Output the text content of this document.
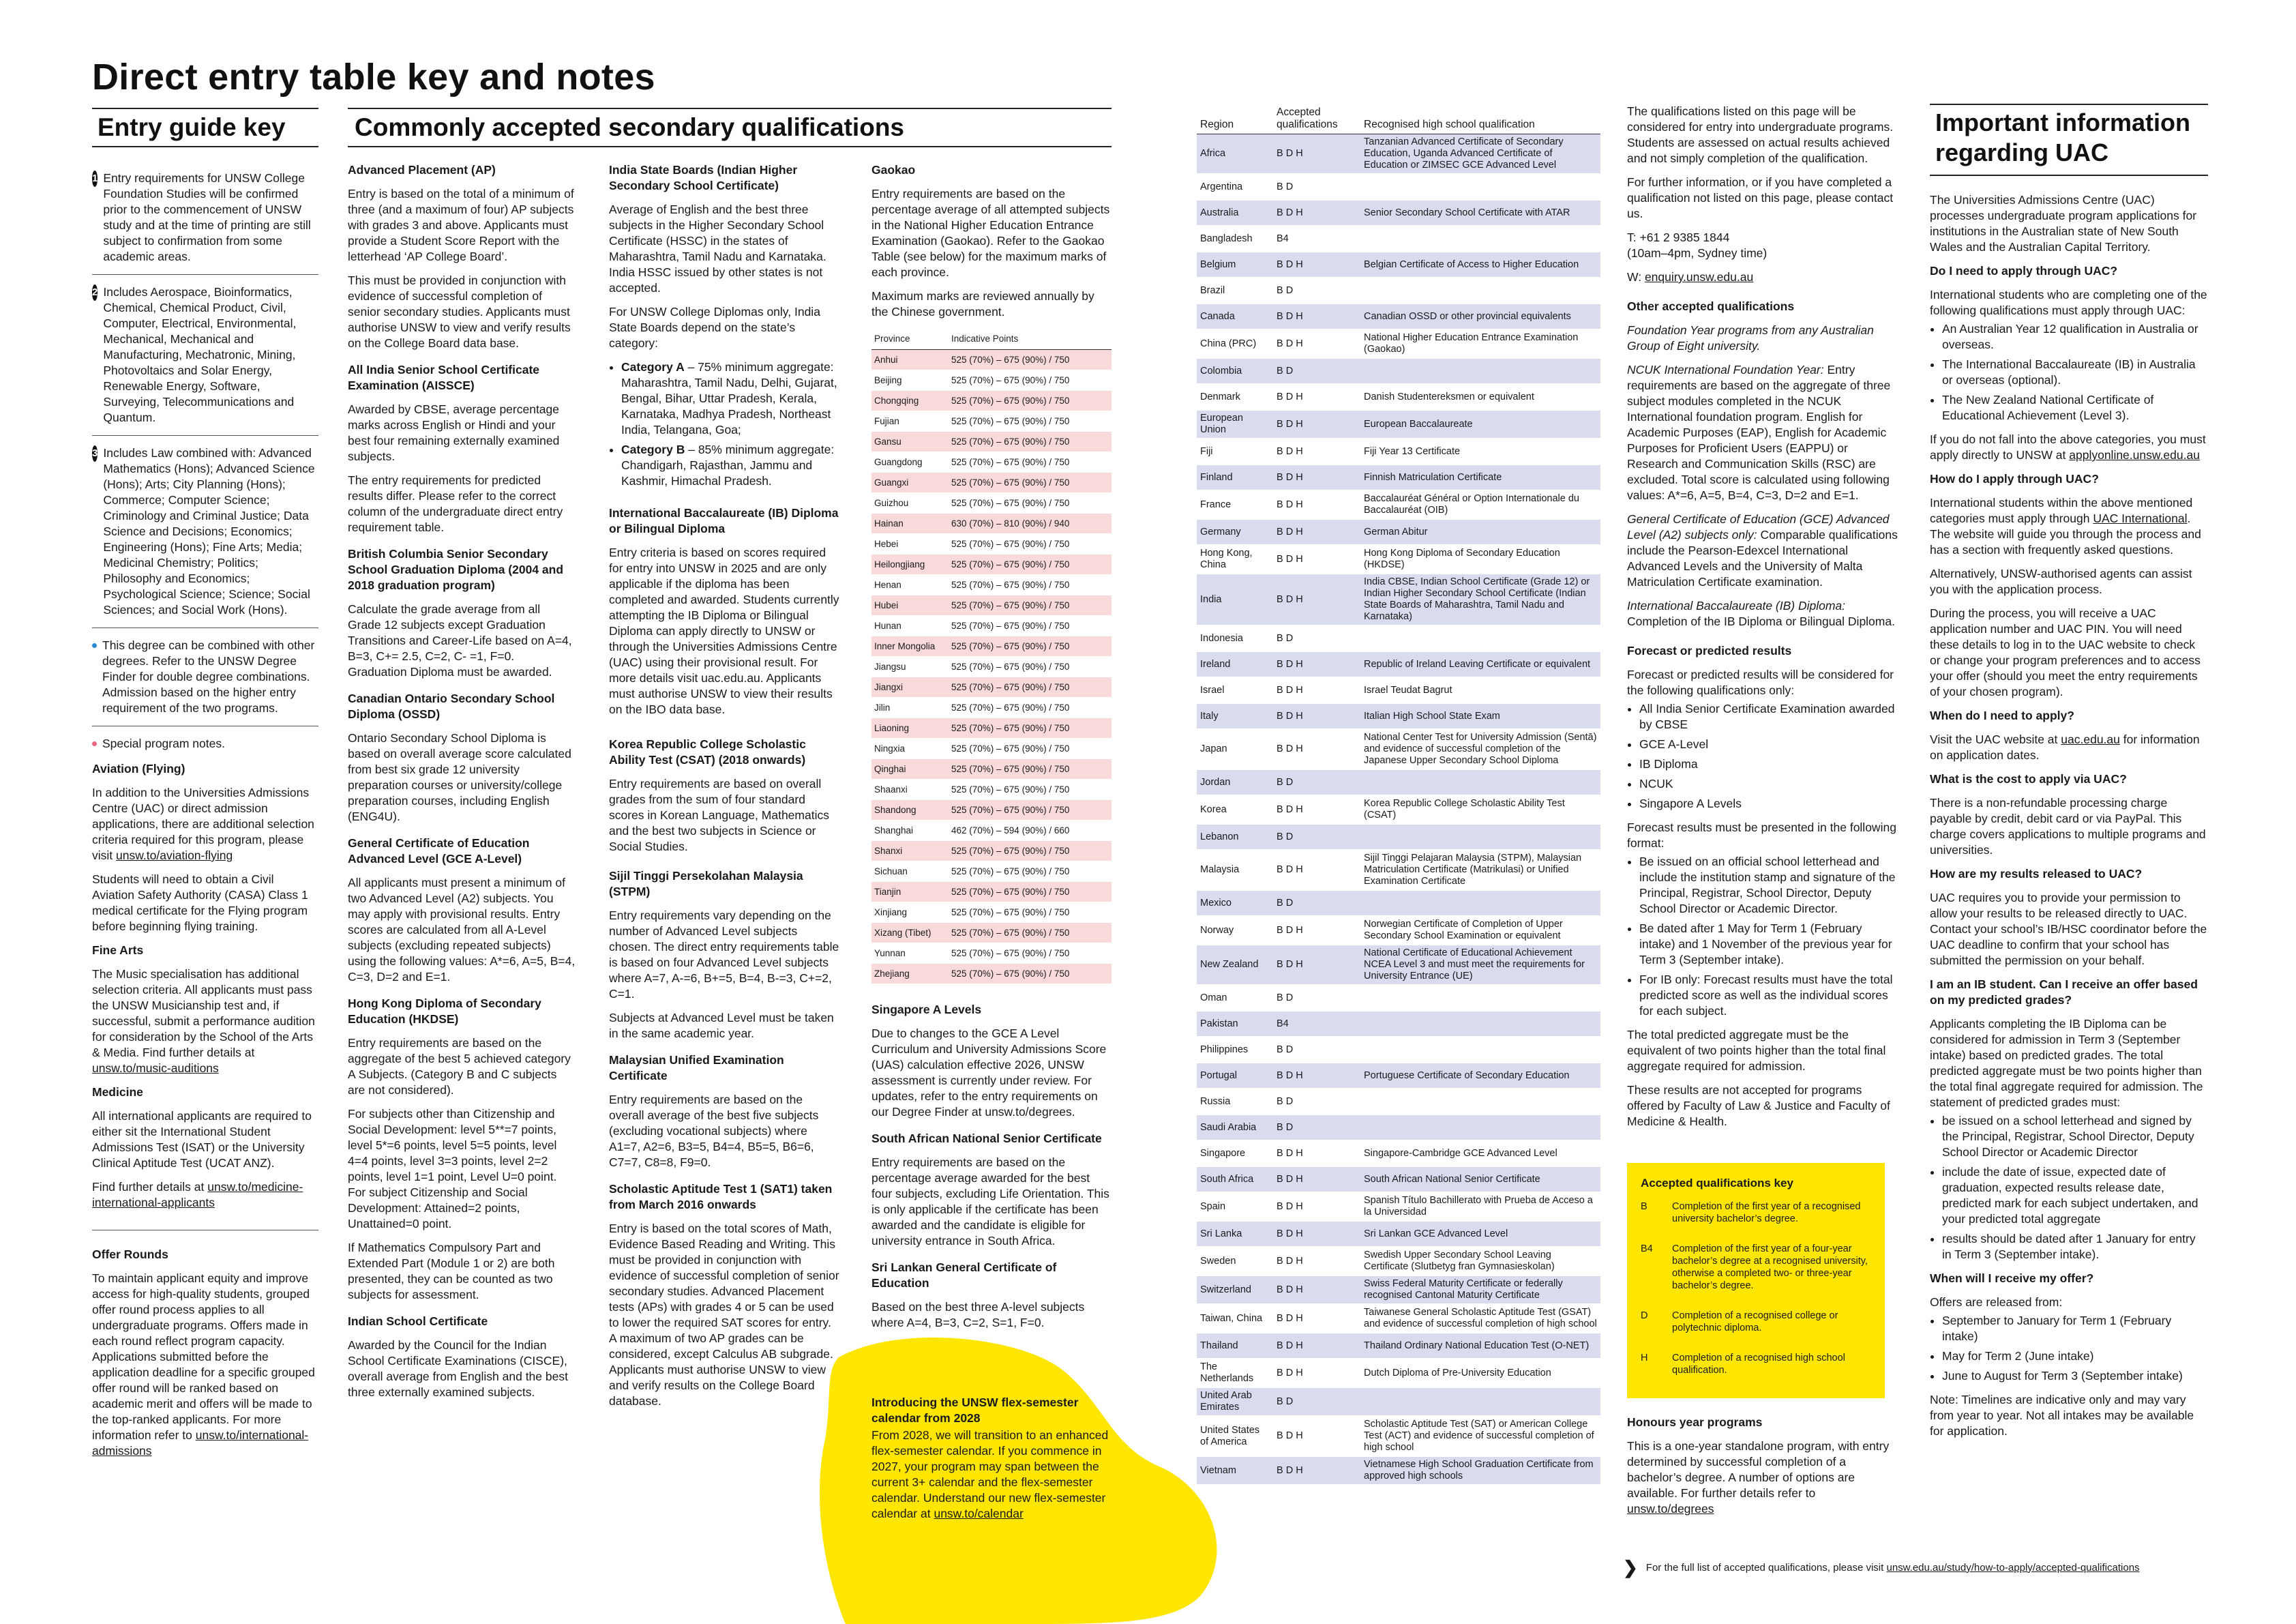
Direct entry table key and notes
Entry guide key
1 Entry requirements for UNSW College Foundation Studies will be confirmed prior to the commencement of UNSW study and at the time of printing are still subject to confirmation from some academic areas.
2 Includes Aerospace, Bioinformatics, Chemical, Chemical Product, Civil, Computer, Electrical, Environmental, Mechanical, Mechanical and Manufacturing, Mechatronic, Mining, Photovoltaics and Solar Energy, Renewable Energy, Software, Surveying, Telecommunications and Quantum.
3 Includes Law combined with: Advanced Mathematics (Hons); Advanced Science (Hons); Arts; City Planning (Hons); Commerce; Computer Science; Criminology and Criminal Justice; Data Science and Decisions; Economics; Engineering (Hons); Fine Arts; Media; Medicinal Chemistry; Politics; Philosophy and Economics; Psychological Science; Science; Social Sciences; and Social Work (Hons).
This degree can be combined with other degrees. Refer to the UNSW Degree Finder for double degree combinations. Admission based on the higher entry requirement of the two programs.
Special program notes.

Aviation (Flying)

In addition to the Universities Admissions Centre (UAC) or direct admission applications, there are additional selection criteria required for this program, please visit unsw.to/aviation-flying

Students will need to obtain a Civil Aviation Safety Authority (CASA) Class 1 medical certificate for the Flying program before beginning flying training.

Fine Arts

The Music specialisation has additional selection criteria. All applicants must pass the UNSW Musicianship test and, if successful, submit a performance audition for consideration by the School of the Arts & Media. Find further details at unsw.to/music-auditions

Medicine

All international applicants are required to either sit the International Student Admissions Test (ISAT) or the University Clinical Aptitude Test (UCAT ANZ).

Find further details at unsw.to/medicine-international-applicants

Offer Rounds

To maintain applicant equity and improve access for high-quality students, grouped offer round process applies to all undergraduate programs. Offers made in each round reflect program capacity. Applications submitted before the application deadline for a specific grouped offer round will be ranked based on academic merit and offers will be made to the top-ranked applicants. For more information refer to unsw.to/international-admissions

Commonly accepted secondary qualifications

Advanced Placement (AP)

Entry is based on the total of a minimum of three (and a maximum of four) AP subjects with grades 3 and above. Applicants must provide a Student Score Report with the letterhead ‘AP College Board’.

This must be provided in conjunction with evidence of successful completion of senior secondary studies. Applicants must authorise UNSW to view and verify results on the College Board data base.

All India Senior School Certificate Examination (AISSCE)

Awarded by CBSE, average percentage marks across English or Hindi and your best four remaining externally examined subjects.

The entry requirements for predicted results differ. Please refer to the correct column of the undergraduate direct entry requirement table.

British Columbia Senior Secondary School Graduation Diploma (2004 and 2018 graduation program)

Calculate the grade average from all Grade 12 subjects except Graduation Transitions and Career-Life based on A=4, B=3, C+= 2.5, C=2, C- =1, F=0. Graduation Diploma must be awarded.

Canadian Ontario Secondary School Diploma (OSSD)

Ontario Secondary School Diploma is based on overall average score calculated from best six grade 12 university preparation courses or university/college preparation courses, including English (ENG4U).

General Certificate of Education Advanced Level (GCE A-Level)

All applicants must present a minimum of two Advanced Level (A2) subjects. You may apply with provisional results. Entry scores are calculated from all A-Level subjects (excluding repeated subjects) using the following values: A*=6, A=5, B=4, C=3, D=2 and E=1.

Hong Kong Diploma of Secondary Education (HKDSE)

Entry requirements are based on the aggregate of the best 5 achieved category A Subjects. (Category B and C subjects are not considered).

For subjects other than Citizenship and Social Development: level 5**=7 points, level 5*=6 points, level 5=5 points, level 4=4 points, level 3=3 points, level 2=2 points, level 1=1 point, Level U=0 point. For subject Citizenship and Social Development: Attained=2 points, Unattained=0 point.

If Mathematics Compulsory Part and Extended Part (Module 1 or 2) are both presented, they can be counted as two subjects for assessment.

Indian School Certificate

Awarded by the Council for the Indian School Certificate Examinations (CISCE), overall average from English and the best three externally examined subjects.

India State Boards (Indian Higher Secondary School Certificate)

Average of English and the best three subjects in the Higher Secondary School Certificate (HSSC) in the states of Maharashtra, Tamil Nadu and Karnataka. India HSSC issued by other states is not accepted.

For UNSW College Diplomas only, India State Boards depend on the state’s category:

• Category A – 75% minimum aggregate: Maharashtra, Tamil Nadu, Delhi, Gujarat, Bengal, Bihar, Uttar Pradesh, Kerala, Karnataka, Madhya Pradesh, Northeast India, Telangana, Goa;
• Category B – 85% minimum aggregate: Chandigarh, Rajasthan, Jammu and Kashmir, Himachal Pradesh.

International Baccalaureate (IB) Diploma or Bilingual Diploma

Entry criteria is based on scores required for entry into UNSW in 2025 and are only applicable if the diploma has been completed and awarded. Students currently attempting the IB Diploma or Bilingual Diploma can apply directly to UNSW or through the Universities Admissions Centre (UAC) using their provisional result. For more details visit uac.edu.au. Applicants must authorise UNSW to view their results on the IBO data base.

Korea Republic College Scholastic Ability Test (CSAT) (2018 onwards)

Entry requirements are based on overall grades from the sum of four standard scores in Korean Language, Mathematics and the best two subjects in Science or Social Studies.

Sijil Tinggi Persekolahan Malaysia (STPM)

Entry requirements vary depending on the number of Advanced Level subjects chosen. The direct entry requirements table is based on four Advanced Level subjects where A=7, A-=6, B+=5, B=4, B-=3, C+=2, C=1.

Subjects at Advanced Level must be taken in the same academic year.

Malaysian Unified Examination Certificate

Entry requirements are based on the overall average of the best five subjects (excluding vocational subjects) where A1=7, A2=6, B3=5, B4=4, B5=5, B6=6, C7=7, C8=8, F9=0.

Scholastic Aptitude Test 1 (SAT1) taken from March 2016 onwards

Entry is based on the total scores of Math, Evidence Based Reading and Writing. This must be provided in conjunction with evidence of successful completion of senior secondary studies. Advanced Placement tests (APs) with grades 4 or 5 can be used to lower the required SAT scores for entry. A maximum of two AP grades can be considered, except Calculus AB subgrade. Applicants must authorise UNSW to view and verify results on the College Board database.

Gaokao

Entry requirements are based on the percentage average of all attempted subjects in the National Higher Education Entrance Examination (Gaokao). Refer to the Gaokao Table (see below) for the maximum marks of each province.

Maximum marks are reviewed annually by the Chinese government.

Province	Indicative Points
Anhui	525 (70%) – 675 (90%) / 750
Beijing	525 (70%) – 675 (90%) / 750
Chongqing	525 (70%) – 675 (90%) / 750
Fujian	525 (70%) – 675 (90%) / 750
Gansu	525 (70%) – 675 (90%) / 750
Guangdong	525 (70%) – 675 (90%) / 750
Guangxi	525 (70%) – 675 (90%) / 750
Guizhou	525 (70%) – 675 (90%) / 750
Hainan	630 (70%) – 810 (90%) / 940
Hebei	525 (70%) – 675 (90%) / 750
Heilongjiang	525 (70%) – 675 (90%) / 750
Henan	525 (70%) – 675 (90%) / 750
Hubei	525 (70%) – 675 (90%) / 750
Hunan	525 (70%) – 675 (90%) / 750
Inner Mongolia	525 (70%) – 675 (90%) / 750
Jiangsu	525 (70%) – 675 (90%) / 750
Jiangxi	525 (70%) – 675 (90%) / 750
Jilin	525 (70%) – 675 (90%) / 750
Liaoning	525 (70%) – 675 (90%) / 750
Ningxia	525 (70%) – 675 (90%) / 750
Qinghai	525 (70%) – 675 (90%) / 750
Shaanxi	525 (70%) – 675 (90%) / 750
Shandong	525 (70%) – 675 (90%) / 750
Shanghai	462 (70%) – 594 (90%) / 660
Shanxi	525 (70%) – 675 (90%) / 750
Sichuan	525 (70%) – 675 (90%) / 750
Tianjin	525 (70%) – 675 (90%) / 750
Xinjiang	525 (70%) – 675 (90%) / 750
Xizang (Tibet)	525 (70%) – 675 (90%) / 750
Yunnan	525 (70%) – 675 (90%) / 750
Zhejiang	525 (70%) – 675 (90%) / 750

Singapore A Levels

Due to changes to the GCE A Level Curriculum and University Admissions Score (UAS) calculation effective 2026, UNSW assessment is currently under review. For updates, refer to the entry requirements on our Degree Finder at unsw.to/degrees.

South African National Senior Certificate

Entry requirements are based on the percentage average awarded for the best four subjects, excluding Life Orientation. This is only applicable if the certificate has been awarded and the candidate is eligible for university entrance in South Africa.

Sri Lankan General Certificate of Education

Based on the best three A-level subjects where A=4, B=3, C=2, S=1, F=0.

Introducing the UNSW flex-semester calendar from 2028

From 2028, we will transition to an enhanced flex-semester calendar. If you commence in 2027, your program may span between the current 3+ calendar and the flex-semester calendar. Understand our new flex-semester calendar at unsw.to/calendar

Region	Accepted qualifications	Recognised high school qualification
Africa	B D H	Tanzanian Advanced Certificate of Secondary Education, Uganda Advanced Certificate of Education or ZIMSEC GCE Advanced Level
Argentina	B D	
Australia	B D H	Senior Secondary School Certificate with ATAR
Bangladesh	B4	
Belgium	B D H	Belgian Certificate of Access to Higher Education
Brazil	B D	
Canada	B D H	Canadian OSSD or other provincial equivalents
China (PRC)	B D H	National Higher Education Entrance Examination (Gaokao)
Colombia	B D	
Denmark	B D H	Danish Studentereksmen or equivalent
European Union	B D H	European Baccalaureate
Fiji	B D H	Fiji Year 13 Certificate
Finland	B D H	Finnish Matriculation Certificate
France	B D H	Baccalauréat Général or Option Internationale du Baccalauréat (OIB)
Germany	B D H	German Abitur
Hong Kong, China	B D H	Hong Kong Diploma of Secondary Education (HKDSE)
India	B D H	India CBSE, Indian School Certificate (Grade 12) or Indian Higher Secondary School Certificate (Indian State Boards of Maharashtra, Tamil Nadu and Karnataka)
Indonesia	B D	
Ireland	B D H	Republic of Ireland Leaving Certificate or equivalent
Israel	B D H	Israel Teudat Bagrut
Italy	B D H	Italian High School State Exam
Japan	B D H	National Center Test for University Admission (Sentā) and evidence of successful completion of the Japanese Upper Secondary School Diploma
Jordan	B D	
Korea	B D H	Korea Republic College Scholastic Ability Test (CSAT)
Lebanon	B D	
Malaysia	B D H	Sijil Tinggi Pelajaran Malaysia (STPM), Malaysian Matriculation Certificate (Matrikulasi) or Unified Examination Certificate
Mexico	B D	
Norway	B D H	Norwegian Certificate of Completion of Upper Secondary School Examination or equivalent
New Zealand	B D H	National Certificate of Educational Achievement NCEA Level 3 and must meet the requirements for University Entrance (UE)
Oman	B D	
Pakistan	B4	
Philippines	B D	
Portugal	B D H	Portuguese Certificate of Secondary Education
Russia	B D	
Saudi Arabia	B D	
Singapore	B D H	Singapore-Cambridge GCE Advanced Level
South Africa	B D H	South African National Senior Certificate
Spain	B D H	Spanish Título Bachillerato with Prueba de Acceso a la Universidad
Sri Lanka	B D H	Sri Lankan GCE Advanced Level
Sweden	B D H	Swedish Upper Secondary School Leaving Certificate (Slutbetyg fran Gymnasieskolan)
Switzerland	B D H	Swiss Federal Maturity Certificate or federally recognised Cantonal Maturity Certificate
Taiwan, China	B D H	Taiwanese General Scholastic Aptitude Test (GSAT) and evidence of successful completion of high school
Thailand	B D H	Thailand Ordinary National Education Test (O-NET)
The Netherlands	B D H	Dutch Diploma of Pre-University Education
United Arab Emirates	B D	
United States of America	B D H	Scholastic Aptitude Test (SAT) or American College Test (ACT) and evidence of successful completion of high school
Vietnam	B D H	Vietnamese High School Graduation Certificate from approved high schools

The qualifications listed on this page will be considered for entry into undergraduate programs. Students are assessed on actual results achieved and not simply completion of the qualification.

For further information, or if you have completed a qualification not listed on this page, please contact us.

T: +61 2 9385 1844

(10am–4pm, Sydney time)

W: enquiry.unsw.edu.au

Other accepted qualifications

Foundation Year programs from any Australian Group of Eight university.

NCUK International Foundation Year: Entry requirements are based on the aggregate of three subject modules completed in the NCUK International foundation program. English for Academic Purposes (EAP), English for Academic Purposes for Proficient Users (EAPPU) or Research and Communication Skills (RSC) are excluded. Total score is calculated using following values: A*=6, A=5, B=4, C=3, D=2 and E=1.

General Certificate of Education (GCE) Advanced Level (A2) subjects only: Comparable qualifications include the Pearson-Edexcel International Advanced Levels and the University of Malta Matriculation Certificate examination.

International Baccalaureate (IB) Diploma: Completion of the IB Diploma or Bilingual Diploma.

Forecast or predicted results

Forecast or predicted results will be considered for the following qualifications only:

• All India Senior Certificate Examination awarded by CBSE
• GCE A-Level
• IB Diploma
• NCUK
• Singapore A Levels

Forecast results must be presented in the following format:

• Be issued on an official school letterhead and include the institution stamp and signature of the Principal, Registrar, School Director, Deputy School Director or Academic Director.
• Be dated after 1 May for Term 1 (February intake) and 1 November of the previous year for Term 3 (September intake).
• For IB only: Forecast results must have the total predicted score as well as the individual scores for each subject.

The total predicted aggregate must be the equivalent of two points higher than the total final aggregate required for admission.

These results are not accepted for programs offered by Faculty of Law & Justice and Faculty of Medicine & Health.

Accepted qualifications key

B	Completion of the first year of a recognised university bachelor’s degree.

B4	Completion of the first year of a four-year bachelor’s degree at a recognised university, otherwise a completed two- or three-year bachelor’s degree.

D	Completion of a recognised college or polytechnic diploma.

H	Completion of a recognised high school qualification.

Honours year programs

This is a one-year standalone program, with entry determined by successful completion of a bachelor’s degree. A number of options are available. For further details refer to unsw.to/degrees

❯ For the full list of accepted qualifications, please visit
unsw.edu.au/study/how-to-apply/accepted-qualifications
Important information regarding UAC

The Universities Admissions Centre (UAC) processes undergraduate program applications for institutions in the Australian state of New South Wales and the Australian Capital Territory.

Do I need to apply through UAC?

International students who are completing one of the following qualifications must apply through UAC:

• An Australian Year 12 qualification in Australia or overseas.
• The International Baccalaureate (IB) in Australia or overseas (optional).
• The New Zealand National Certificate of Educational Achievement (Level 3).

If you do not fall into the above categories, you must apply directly to UNSW at applyonline.unsw.edu.au

How do I apply through UAC?

International students within the above mentioned categories must apply through UAC International. The website will guide you through the process and has a section with frequently asked questions.

Alternatively, UNSW-authorised agents can assist you with the application process.

During the process, you will receive a UAC application number and UAC PIN. You will need these details to log in to the UAC website to check or change your program preferences and to access your offer (should you meet the entry requirements of your chosen program).

When do I need to apply?

Visit the UAC website at uac.edu.au for information on application dates.

What is the cost to apply via UAC?

There is a non-refundable processing charge payable by credit, debit card or via PayPal. This charge covers applications to multiple programs and universities.

How are my results released to UAC?

UAC requires you to provide your permission to allow your results to be released directly to UAC. Contact your school’s IB/HSC coordinator before the UAC deadline to confirm that your school has submitted the permission on your behalf.

I am an IB student. Can I receive an offer based on my predicted grades?

Applicants completing the IB Diploma can be considered for admission in Term 3 (September intake) based on predicted grades. The total predicted aggregate must be two points higher than the total final aggregate required for admission. The statement of predicted grades must:

• be issued on a school letterhead and signed by the Principal, Registrar, School Director, Deputy School Director or Academic Director
• include the date of issue, expected date of graduation, expected results release date, predicted mark for each subject undertaken, and your predicted total aggregate
• results should be dated after 1 January for entry in Term 3 (September intake).

When will I receive my offer?

Offers are released from:

• September to January for Term 1 (February intake)
• May for Term 2 (June intake)
• June to August for Term 3 (September intake)

Note: Timelines are indicative only and may vary from year to year. Not all intakes may be available for application.
